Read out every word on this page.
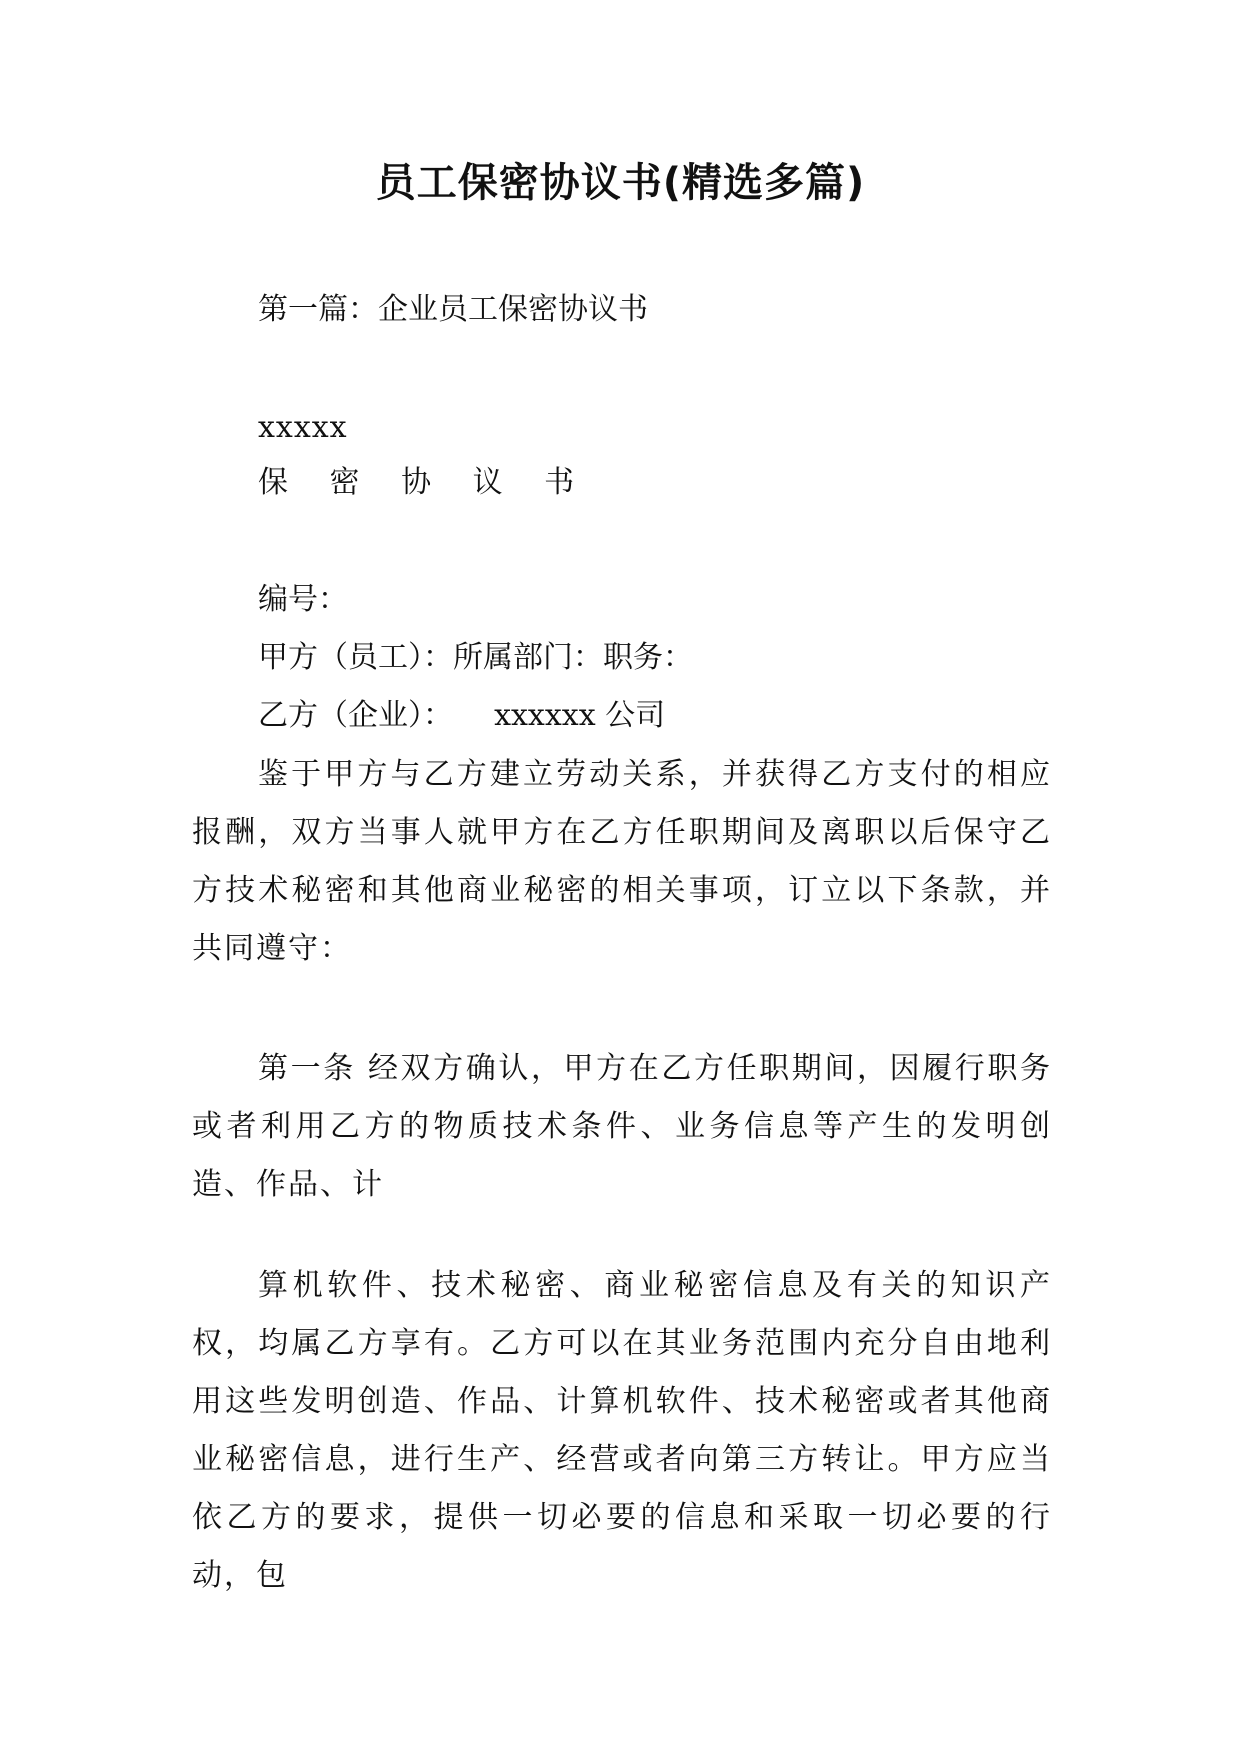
员工保密协议书(精选多篇)

第一篇：企业员工保密协议书

xxxxx

保 密 协 议 书

编号：

甲方（员工）：所属部门：职务：

乙方（企业）： xxxxxx 公司

鉴于甲方与乙方建立劳动关系，并获得乙方支付的相应报酬，双方当事人就甲方在乙方任职期间及离职以后保守乙方技术秘密和其他商业秘密的相关事项，订立以下条款，并共同遵守：

第一条 经双方确认，甲方在乙方任职期间，因履行职务或者利用乙方的物质技术条件、业务信息等产生的发明创造、作品、计

算机软件、技术秘密、商业秘密信息及有关的知识产权，均属乙方享有。乙方可以在其业务范围内充分自由地利用这些发明创造、作品、计算机软件、技术秘密或者其他商业秘密信息，进行生产、经营或者向第三方转让。甲方应当依乙方的要求，提供一切必要的信息和采取一切必要的行动，包
